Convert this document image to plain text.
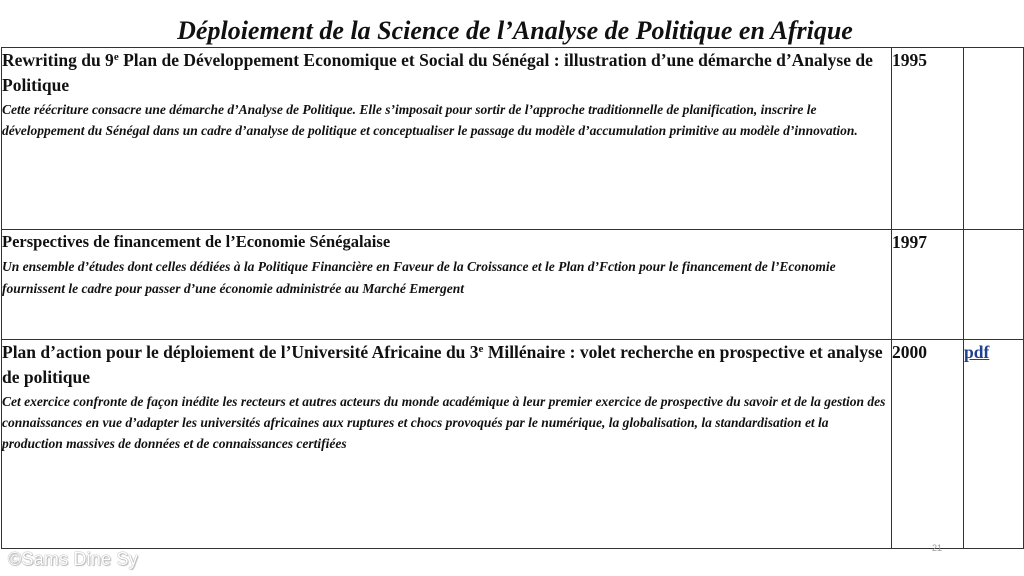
Déploiement de la Science de l’Analyse de Politique en Afrique

Rewriting du 9e Plan de Développement Economique et Social du Sénégal : illustration d’une démarche d’Analyse de Politique

Cette réécriture consacre une démarche d’Analyse de Politique. Elle s’imposait pour sortir de l’approche traditionnelle de planification, inscrire le développement du Sénégal dans un cadre d’analyse de politique et conceptualiser le passage du modèle d’accumulation primitive au modèle d’innovation.	1995	

Perspectives de financement de l’Economie Sénégalaise

Un ensemble d’études dont celles dédiées à la Politique Financière en Faveur de la Croissance et le Plan d’Fction pour le financement de l’Economie fournissent le cadre pour passer d’une économie administrée au Marché Emergent	1997	

Plan d’action pour le déploiement de l’Université Africaine du 3e Millénaire : volet recherche en prospective et analyse de politique

Cet exercice confronte de façon inédite les recteurs et autres acteurs du monde académique à leur premier exercice de prospective du savoir et de la gestion des connaissances en vue d’adapter les universités africaines aux ruptures et chocs provoqués par le numérique, la globalisation, la standardisation et la production massives de données et de connaissances certifiées	2000	pdf
21
©Sams Dine Sy
